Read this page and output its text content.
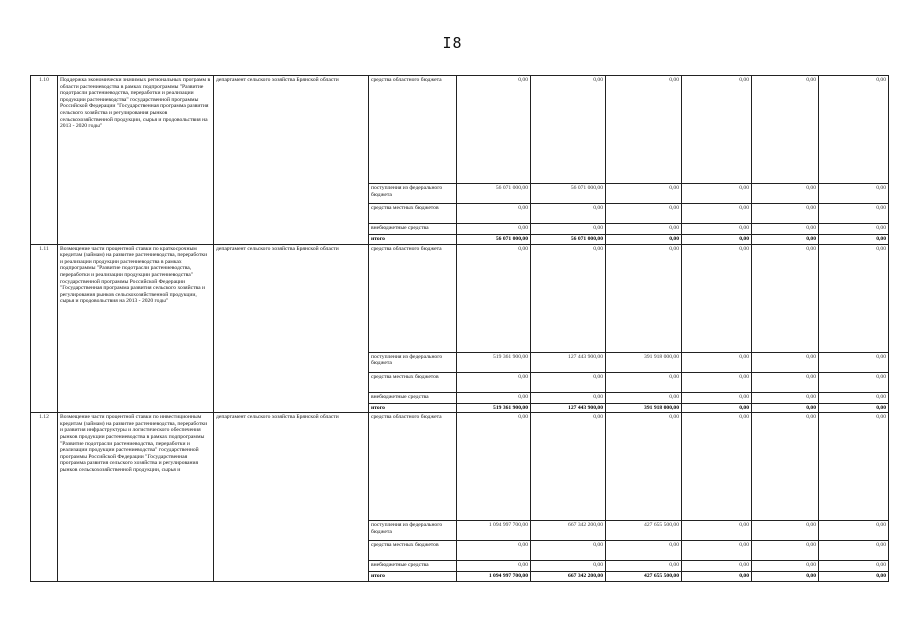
I8
1.10	Поддержка экономически значимых региональных программ в области растениеводства в рамках подпрограммы "Развитие подотрасли растениеводства, переработки и реализации продукции растениеводства" государственной программы Российской Федерации "Государственная программа развития сельского хозяйства и регулирования рынков сельскохозяйственной продукции, сырья и продовольствия на 2013 - 2020 годы"	департамент сельского хозяйства Брянской области	средства областного бюджета	0,00	0,00	0,00	0,00	0,00	0,00
			поступления из федерального бюджета	56 071 000,00	56 071 000,00	0,00	0,00	0,00	0,00
			средства местных бюджетов	0,00	0,00	0,00	0,00	0,00	0,00
			внебюджетные средства	0,00	0,00	0,00	0,00	0,00	0,00
			итого	56 071 000,00	56 071 000,00	0,00	0,00	0,00	0,00
1.11	Возмещение части процентной ставки по краткосрочным кредитам (займам) на развитие растениеводства, переработки и реализации продукции растениеводства в рамках подпрограммы "Развитие подотрасли растениеводства, переработки и реализации продукции растениеводства" государственной программы Российской Федерации "Государственная программа развития сельского хозяйства и регулирования рынков сельскохозяйственной продукции, сырья и продовольствия на 2013 - 2020 годы"	департамент сельского хозяйства Брянской области	средства областного бюджета	0,00	0,00	0,00	0,00	0,00	0,00
			поступления из федерального бюджета	519 361 900,00	127 443 900,00	391 918 000,00	0,00	0,00	0,00
			средства местных бюджетов	0,00	0,00	0,00	0,00	0,00	0,00
			внебюджетные средства	0,00	0,00	0,00	0,00	0,00	0,00
			итого	519 361 900,00	127 443 900,00	391 918 000,00	0,00	0,00	0,00
1.12	Возмещение части процентной ставки по инвестиционным кредитам (займам) на развитие растениеводства, переработки и развития инфраструктуры и логистического обеспечения рынков продукции растениеводства в рамках подпрограммы "Развитие подотрасли растениеводства, переработки и реализации продукции растениеводства" государственной программы Российской Федерации "Государственная программа развития сельского хозяйства и регулирования рынков сельскохозяйственной продукции, сырья и	департамент сельского хозяйства Брянской области	средства областного бюджета	0,00	0,00	0,00	0,00	0,00	0,00
			поступления из федерального бюджета	1 094 997 700,00	667 342 200,00	427 655 500,00	0,00	0,00	0,00
			средства местных бюджетов	0,00	0,00	0,00	0,00	0,00	0,00
			внебюджетные средства	0,00	0,00	0,00	0,00	0,00	0,00
			итого	1 094 997 700,00	667 342 200,00	427 655 500,00	0,00	0,00	0,00
